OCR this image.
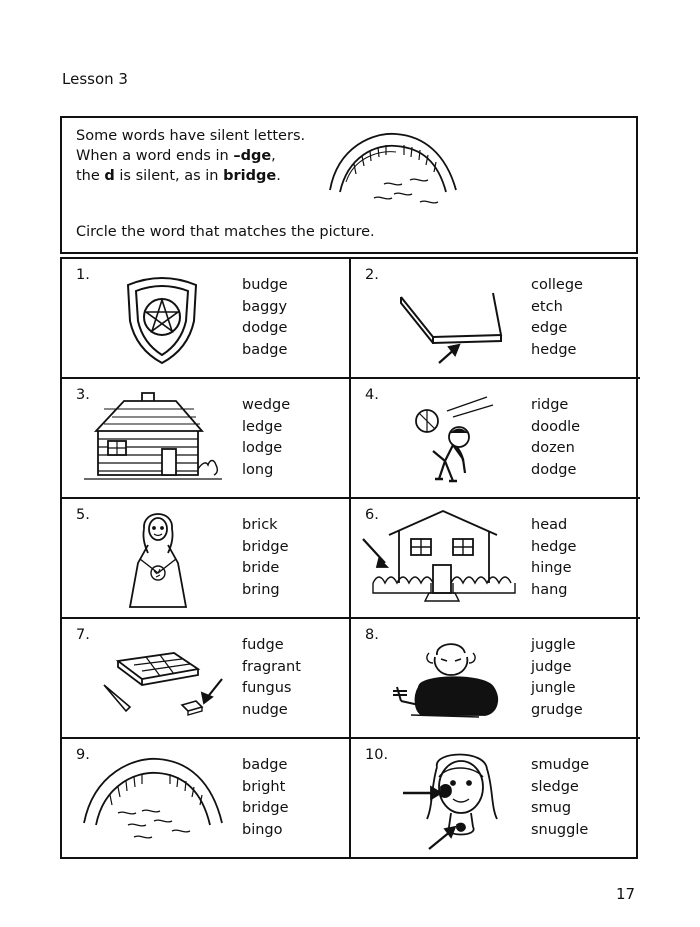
Lesson 3
Some words have silent letters.
When a word ends in –dge,
the d is silent, as in bridge.
Circle the word that matches the picture.
1.
budge
baggy
dodge
badge
2.
college
etch
edge
hedge
3.
wedge
ledge
lodge
long
4.
ridge
doodle
dozen
dodge
5.
brick
bridge
bride
bring
6.
head
hedge
hinge
hang
7.
fudge
fragrant
fungus
nudge
8.
juggle
judge
jungle
grudge
9.
badge
bright
bridge
bingo
10.
smudge
sledge
smug
snuggle
17
